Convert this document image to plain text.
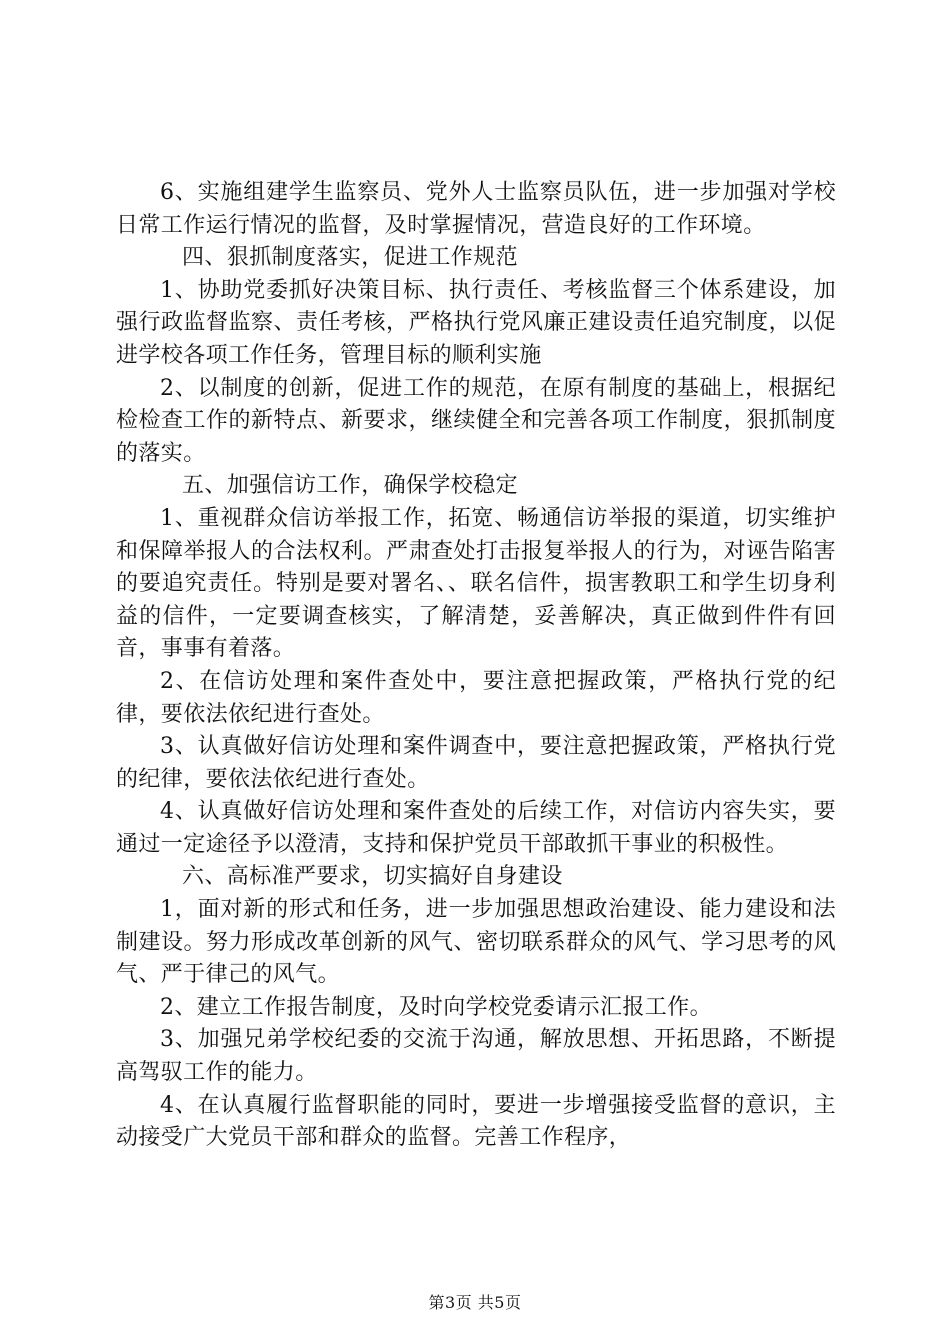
6、实施组建学生监察员、党外人士监察员队伍，进一步加强对学校日常工作运行情况的监督，及时掌握情况，营造良好的工作环境。

四、狠抓制度落实，促进工作规范

1、协助党委抓好决策目标、执行责任、考核监督三个体系建设，加强行政监督监察、责任考核，严格执行党风廉正建设责任追究制度，以促进学校各项工作任务，管理目标的顺利实施

2、以制度的创新，促进工作的规范，在原有制度的基础上，根据纪检检查工作的新特点、新要求，继续健全和完善各项工作制度，狠抓制度的落实。

五、加强信访工作，确保学校稳定

1、重视群众信访举报工作，拓宽、畅通信访举报的渠道，切实维护和保障举报人的合法权利。严肃查处打击报复举报人的行为，对诬告陷害的要追究责任。特别是要对署名、、联名信件，损害教职工和学生切身利益的信件，一定要调查核实，了解清楚，妥善解决，真正做到件件有回音，事事有着落。

2、在信访处理和案件查处中，要注意把握政策，严格执行党的纪律，要依法依纪进行查处。

3、认真做好信访处理和案件调查中，要注意把握政策，严格执行党的纪律，要依法依纪进行查处。

4、认真做好信访处理和案件查处的后续工作，对信访内容失实，要通过一定途径予以澄清，支持和保护党员干部敢抓干事业的积极性。

六、高标准严要求，切实搞好自身建设

1，面对新的形式和任务，进一步加强思想政治建设、能力建设和法制建设。努力形成改革创新的风气、密切联系群众的风气、学习思考的风气、严于律己的风气。

2、建立工作报告制度，及时向学校党委请示汇报工作。

3、加强兄弟学校纪委的交流于沟通，解放思想、开拓思路，不断提高驾驭工作的能力。

4、在认真履行监督职能的同时，要进一步增强接受监督的意识，主动接受广大党员干部和群众的监督。完善工作程序，

第3页 共5页
